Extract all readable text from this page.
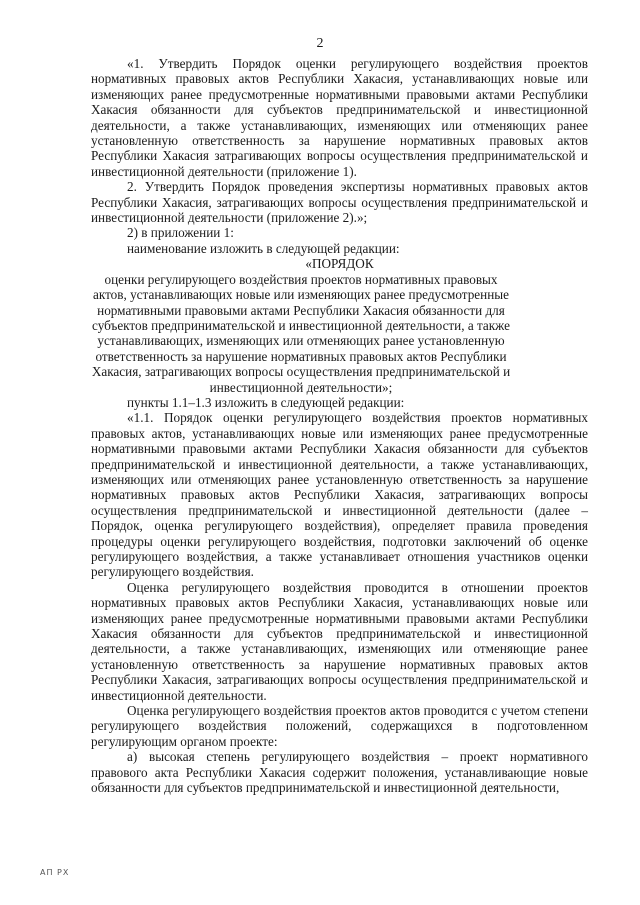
2

«1. Утвердить Порядок оценки регулирующего воздействия проектов нормативных правовых актов Республики Хакасия, устанавливающих новые или изменяющих ранее предусмотренные нормативными правовыми актами Республики Хакасия обязанности для субъектов предпринимательской и инвестиционной деятельности, а также устанавливающих, изменяющих или отменяющих ранее установленную ответственность за нарушение нормативных правовых актов Республики Хакасия затрагивающих вопросы осуществления предпринимательской и инвестиционной деятельности (приложение 1).

2. Утвердить Порядок проведения экспертизы нормативных правовых актов Республики Хакасия, затрагивающих вопросы осуществления предпринимательской и инвестиционной деятельности (приложение 2).»;

2) в приложении 1:

наименование изложить в следующей редакции:

«ПОРЯДОК

оценки регулирующего воздействия проектов нормативных правовых актов, устанавливающих новые или изменяющих ранее предусмотренные нормативными правовыми актами Республики Хакасия обязанности для субъектов предпринимательской и инвестиционной деятельности, а также устанавливающих, изменяющих или отменяющих ранее установленную ответственность за нарушение нормативных правовых актов Республики Хакасия, затрагивающих вопросы осуществления предпринимательской и инвестиционной деятельности»;

пункты 1.1–1.3 изложить в следующей редакции:

«1.1. Порядок оценки регулирующего воздействия проектов нормативных правовых актов, устанавливающих новые или изменяющих ранее предусмотренные нормативными правовыми актами Республики Хакасия обязанности для субъектов предпринимательской и инвестиционной деятельности, а также устанавливающих, изменяющих или отменяющих ранее установленную ответственность за нарушение нормативных правовых актов Республики Хакасия, затрагивающих вопросы осуществления предпринимательской и инвестиционной деятельности (далее – Порядок, оценка регулирующего воздействия), определяет правила проведения процедуры оценки регулирующего воздействия, подготовки заключений об оценке регулирующего воздействия, а также устанавливает отношения участников оценки регулирующего воздействия.

Оценка регулирующего воздействия проводится в отношении проектов нормативных правовых актов Республики Хакасия, устанавливающих новые или изменяющих ранее предусмотренные нормативными правовыми актами Республики Хакасия обязанности для субъектов предпринимательской и инвестиционной деятельности, а также устанавливающих, изменяющих или отменяющие ранее установленную ответственность за нарушение нормативных правовых актов Республики Хакасия, затрагивающих вопросы осуществления предпринимательской и инвестиционной деятельности.

Оценка регулирующего воздействия проектов актов проводится с учетом степени регулирующего воздействия положений, содержащихся в подготовленном регулирующим органом проекте:

а) высокая степень регулирующего воздействия – проект нормативного правового акта Республики Хакасия содержит положения, устанавливающие новые обязанности для субъектов предпринимательской и инвестиционной деятельности,

АП РХ
